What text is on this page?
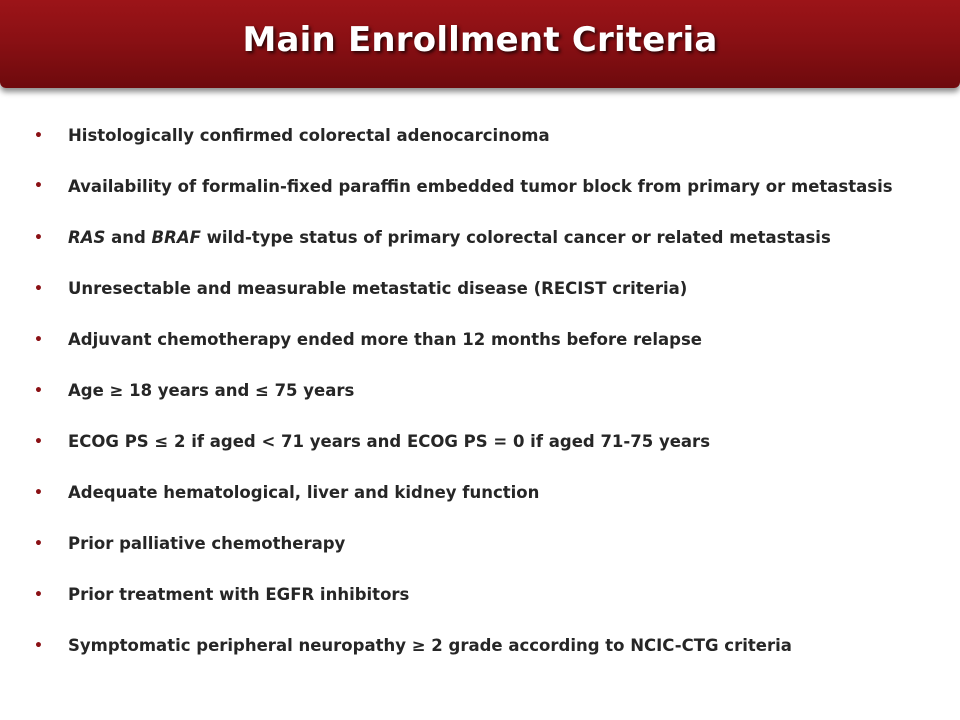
Main Enrollment Criteria
• Histologically confirmed colorectal adenocarcinoma
• Availability of formalin-fixed paraffin embedded tumor block from primary or metastasis
• RAS and BRAF wild-type status of primary colorectal cancer or related metastasis
• Unresectable and measurable metastatic disease (RECIST criteria)
• Adjuvant chemotherapy ended more than 12 months before relapse
• Age ≥ 18 years and ≤ 75 years
• ECOG PS ≤ 2 if aged < 71 years and ECOG PS = 0 if aged 71-75 years
• Adequate hematological, liver and kidney function
• Prior palliative chemotherapy
• Prior treatment with EGFR inhibitors
• Symptomatic peripheral neuropathy ≥ 2 grade according to NCIC-CTG criteria
